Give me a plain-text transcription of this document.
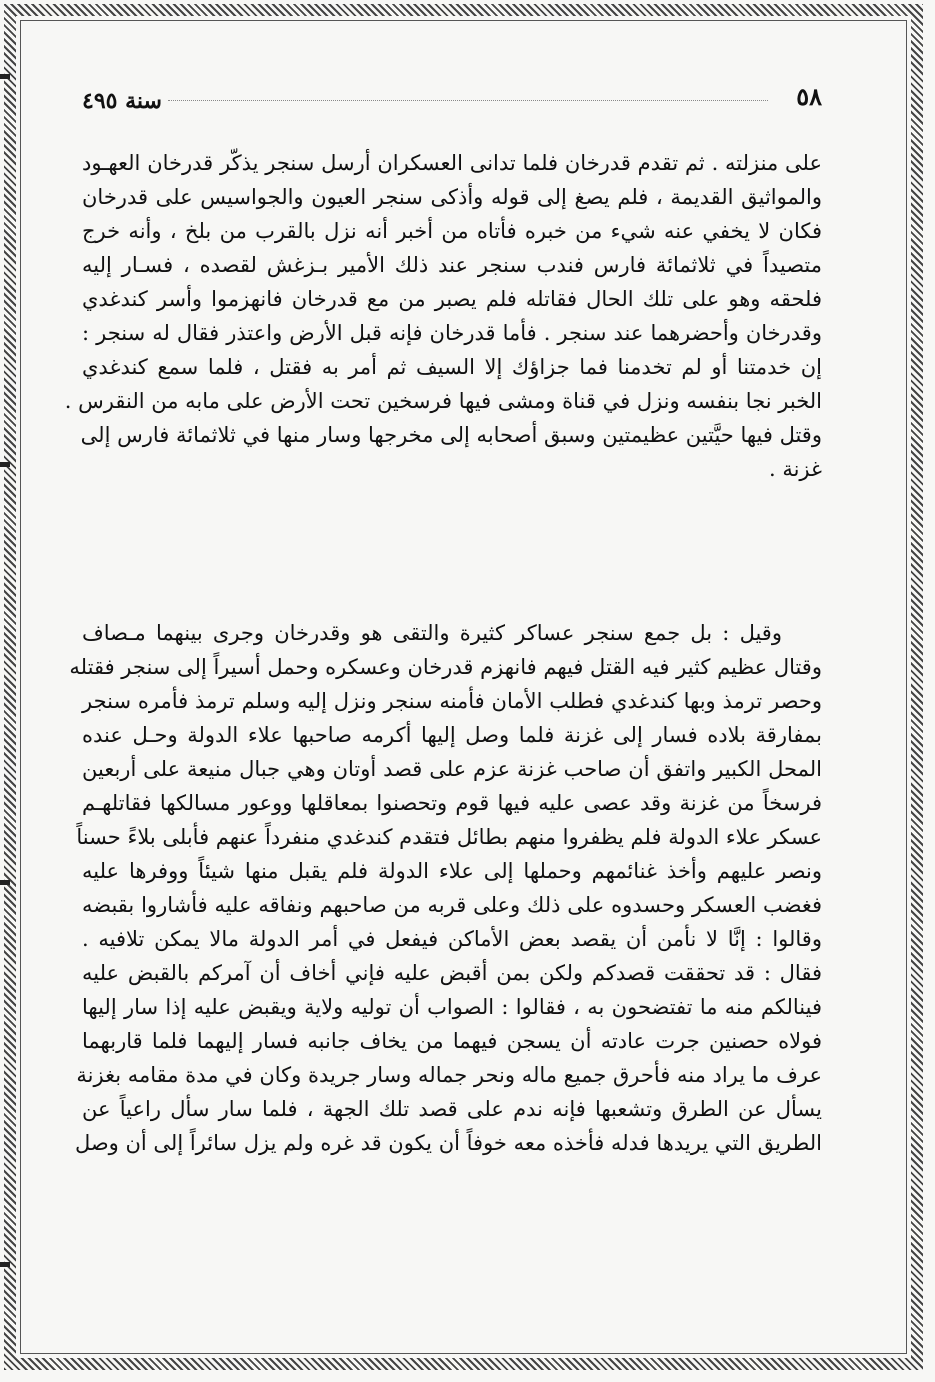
٥٨
سنة ٤٩٥
على منزلته . ثم تقدم قدرخان فلما تدانى العسكران أرسل سنجر يذكّر قدرخان العهـود
والمواثيق القديمة ، فلم يصغ إلى قوله وأذكى سنجر العيون والجواسيس على قدرخان
فكان لا يخفي عنه شيء من خبره فأتاه من أخبر أنه نزل بالقرب من بلخ ، وأنه خرج
متصيداً في ثلاثمائة فارس فندب سنجر عند ذلك الأمير بـزغش لقصده ، فسـار إليه
فلحقه وهو على تلك الحال فقاتله فلم يصبر من مع قدرخان فانهزموا وأسر كندغدي
وقدرخان وأحضرهما عند سنجر . فأما قدرخان فإنه قبل الأرض واعتذر فقال له سنجر :
إن خدمتنا أو لم تخدمنا فما جزاؤك إلا السيف ثم أمر به فقتل ، فلما سمع كندغدي
الخبر نجا بنفسه ونزل في قناة ومشى فيها فرسخين تحت الأرض على مابه من النقرس .
وقتل فيها حيَّتين عظيمتين وسبق أصحابه إلى مخرجها وسار منها في ثلاثمائة فارس إلى
غزنة .
وقيل : بل جمع سنجر عساكر كثيرة والتقى هو وقدرخان وجرى بينهما مـصاف
وقتال عظيم كثير فيه القتل فيهم فانهزم قدرخان وعسكره وحمل أسيراً إلى سنجر فقتله
وحصر ترمذ وبها كندغدي فطلب الأمان فأمنه سنجر ونزل إليه وسلم ترمذ فأمره سنجر
بمفارقة بلاده فسار إلى غزنة فلما وصل إليها أكرمه صاحبها علاء الدولة وحـل عنده
المحل الكبير واتفق أن صاحب غزنة عزم على قصد أوتان وهي جبال منيعة على أربعين
فرسخاً من غزنة وقد عصى عليه فيها قوم وتحصنوا بمعاقلها ووعور مسالكها فقاتلهـم
عسكر علاء الدولة فلم يظفروا منهم بطائل فتقدم كندغدي منفرداً عنهم فأبلى بلاءً حسناً
ونصر عليهم وأخذ غنائمهم وحملها إلى علاء الدولة فلم يقبل منها شيئاً ووفرها عليه
فغضب العسكر وحسدوه على ذلك وعلى قربه من صاحبهم ونفاقه عليه فأشاروا بقبضه
وقالوا : إنَّا لا نأمن أن يقصد بعض الأماكن فيفعل في أمر الدولة مالا يمكن تلافيه .
فقال : قد تحققت قصدكم ولكن بمن أقبض عليه فإني أخاف أن آمركم بالقبض عليه
فينالكم منه ما تفتضحون به ، فقالوا : الصواب أن توليه ولاية ويقبض عليه إذا سار إليها
فولاه حصنين جرت عادته أن يسجن فيهما من يخاف جانبه فسار إليهما فلما قاربهما
عرف ما يراد منه فأحرق جميع ماله ونحر جماله وسار جريدة وكان في مدة مقامه بغزنة
يسأل عن الطرق وتشعبها فإنه ندم على قصد تلك الجهة ، فلما سار سأل راعياً عن
الطريق التي يريدها فدله فأخذه معه خوفاً أن يكون قد غره ولم يزل سائراً إلى أن وصل
